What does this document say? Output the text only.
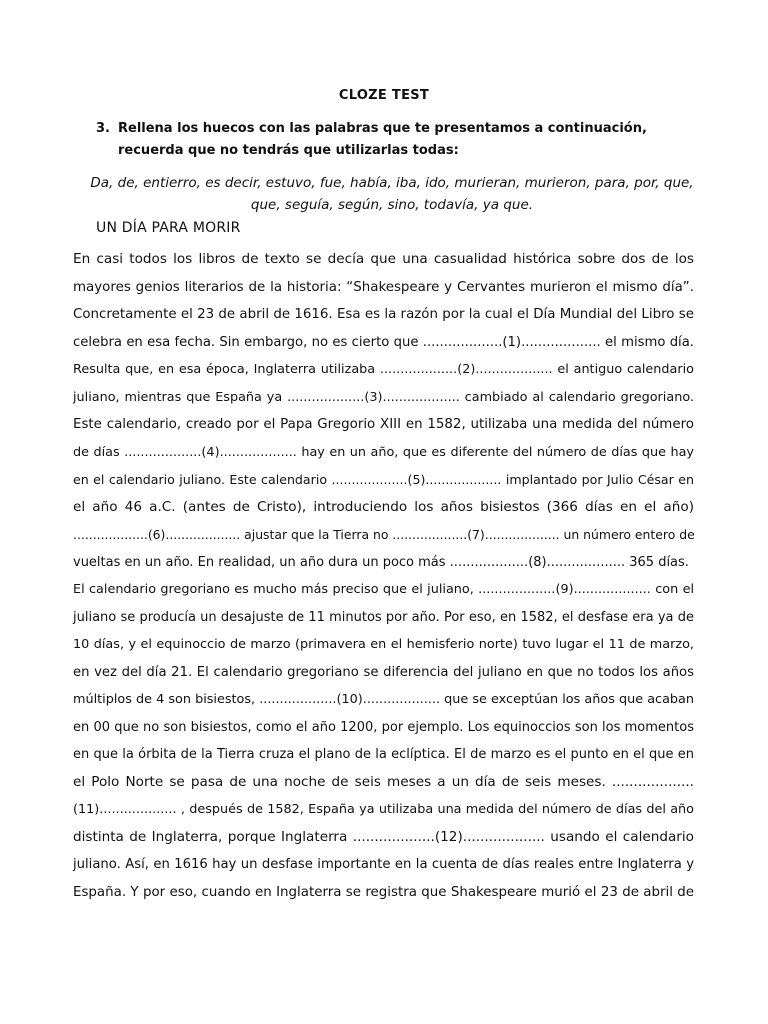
CLOZE TEST
3. Rellena los huecos con las palabras que te presentamos a continuación, recuerda que no tendrás que utilizarlas todas:
Da, de, entierro, es decir, estuvo, fue, había, iba, ido, murieran, murieron, para, por, que,
que, seguía, según, sino, todavía, ya que.
UN DÍA PARA MORIR
En casi todos los libros de texto se decía que una casualidad histórica sobre dos de los
mayores genios literarios de la historia: “Shakespeare y Cervantes murieron el mismo día”.
Concretamente el 23 de abril de 1616. Esa es la razón por la cual el Día Mundial del Libro se
celebra en esa fecha. Sin embargo, no es cierto que ...................(1)................... el mismo día.
Resulta que, en esa época, Inglaterra utilizaba ...................(2)................... el antiguo calendario
juliano, mientras que España ya ...................(3)................... cambiado al calendario gregoriano.
Este calendario, creado por el Papa Gregorio XIII en 1582, utilizaba una medida del número
de días ...................(4)................... hay en un año, que es diferente del número de días que hay
en el calendario juliano. Este calendario ...................(5)................... implantado por Julio César en
el año 46 a.C. (antes de Cristo), introduciendo los años bisiestos (366 días en el año)
...................(6)................... ajustar que la Tierra no ...................(7)................... un número entero de
vueltas en un año. En realidad, un año dura un poco más ...................(8)................... 365 días.
El calendario gregoriano es mucho más preciso que el juliano, ...................(9)................... con el
juliano se producía un desajuste de 11 minutos por año. Por eso, en 1582, el desfase era ya de
10 días, y el equinoccio de marzo (primavera en el hemisferio norte) tuvo lugar el 11 de marzo,
en vez del día 21. El calendario gregoriano se diferencia del juliano en que no todos los años
múltiplos de 4 son bisiestos, ...................(10)................... que se exceptúan los años que acaban
en 00 que no son bisiestos, como el año 1200, por ejemplo. Los equinoccios son los momentos
en que la órbita de la Tierra cruza el plano de la eclíptica. El de marzo es el punto en el que en
el Polo Norte se pasa de una noche de seis meses a un día de seis meses. ...................
(11)................... , después de 1582, España ya utilizaba una medida del número de días del año
distinta de Inglaterra, porque Inglaterra ...................(12)................... usando el calendario
juliano. Así, en 1616 hay un desfase importante en la cuenta de días reales entre Inglaterra y
España. Y por eso, cuando en Inglaterra se registra que Shakespeare murió el 23 de abril de
